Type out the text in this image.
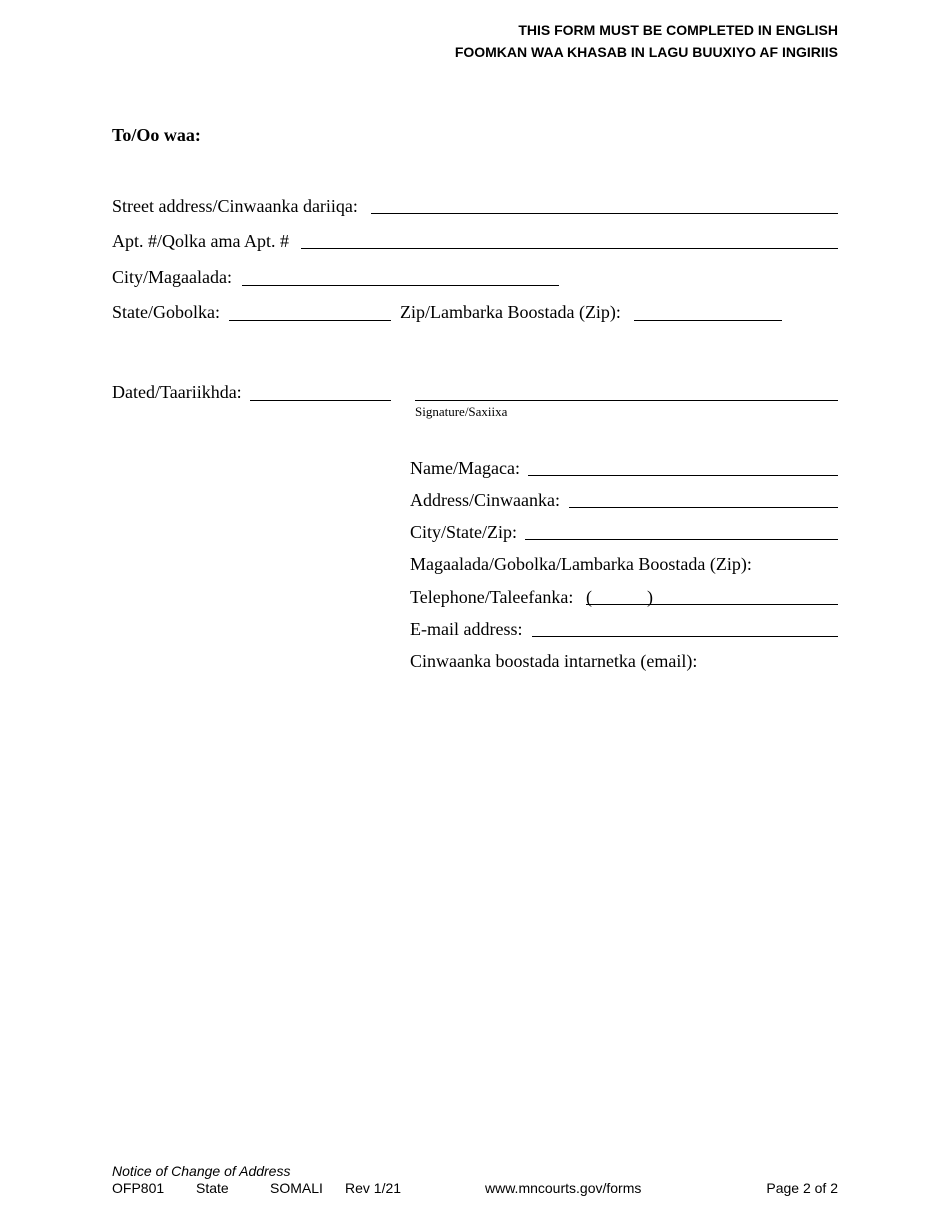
THIS FORM MUST BE COMPLETED IN ENGLISH
FOOMKAN WAA KHASAB IN LAGU BUUXIYO AF INGIRIIS
To/Oo waa:
Street address/Cinwaanka dariiqa:
Apt. #/Qolka ama Apt. #
City/Magaalada:
State/Gobolka:	Zip/Lambarka Boostada (Zip):
Dated/Taariikhda:
Signature/Saxiixa
Name/Magaca:
Address/Cinwaanka:
City/State/Zip:
Magaalada/Gobolka/Lambarka Boostada (Zip):
Telephone/Taleefanka: (	)
E-mail address:
Cinwaanka boostada intarnetka (email):
Notice of Change of Address
OFP801 State	SOMALI Rev 1/21	www.mncourts.gov/forms	Page 2 of 2
